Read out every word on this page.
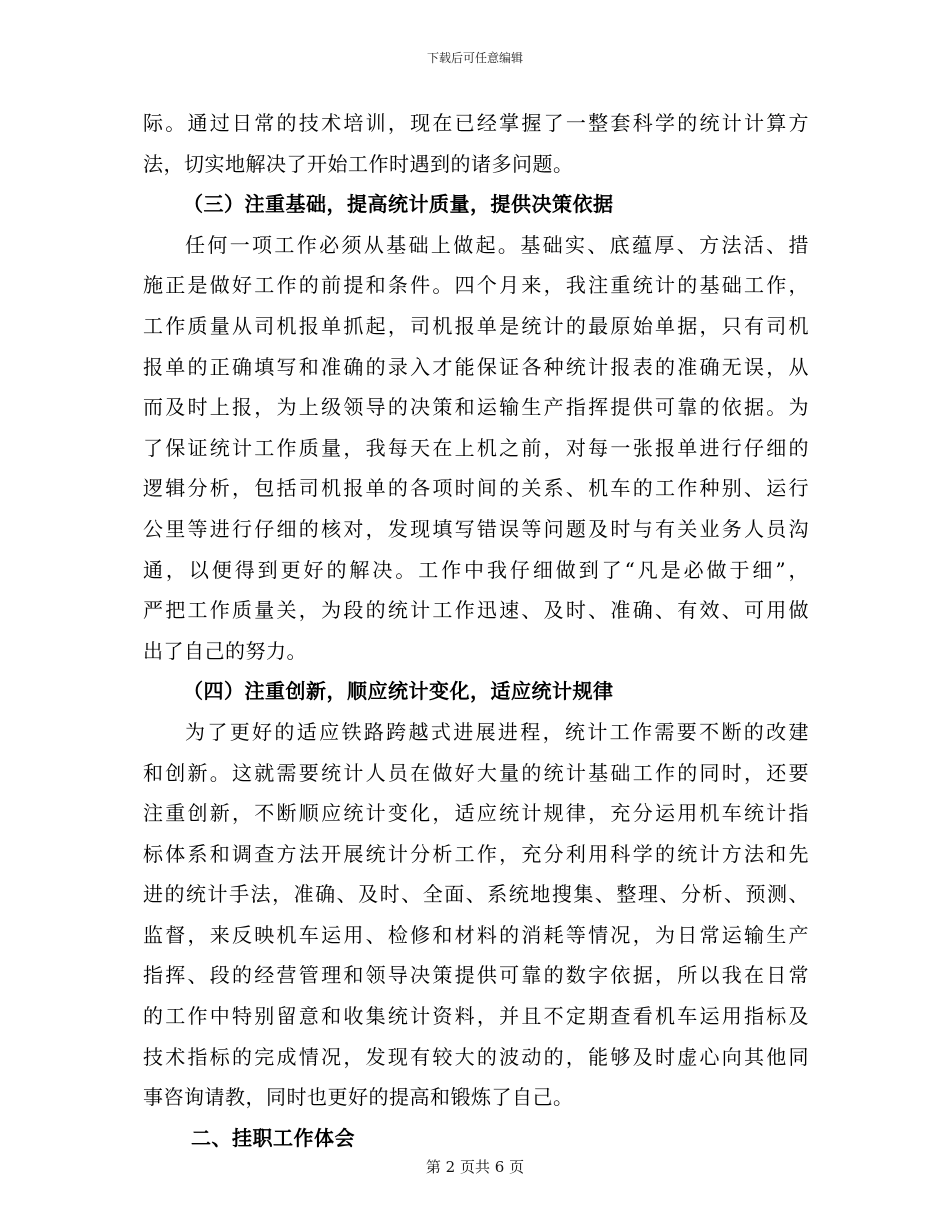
下载后可任意编辑
际。通过日常的技术培训，现在已经掌握了一整套科学的统计计算方
法，切实地解决了开始工作时遇到的诸多问题。
（三）注重基础，提高统计质量，提供决策依据
任何一项工作必须从基础上做起。基础实、底蕴厚、方法活、措
施正是做好工作的前提和条件。四个月来，我注重统计的基础工作，
工作质量从司机报单抓起，司机报单是统计的最原始单据，只有司机
报单的正确填写和准确的录入才能保证各种统计报表的准确无误，从
而及时上报，为上级领导的决策和运输生产指挥提供可靠的依据。为
了保证统计工作质量，我每天在上机之前，对每一张报单进行仔细的
逻辑分析，包括司机报单的各项时间的关系、机车的工作种别、运行
公里等进行仔细的核对，发现填写错误等问题及时与有关业务人员沟
通，以便得到更好的解决。工作中我仔细做到了“凡是必做于细”，
严把工作质量关，为段的统计工作迅速、及时、准确、有效、可用做
出了自己的努力。
（四）注重创新，顺应统计变化，适应统计规律
为了更好的适应铁路跨越式进展进程，统计工作需要不断的改建
和创新。这就需要统计人员在做好大量的统计基础工作的同时，还要
注重创新，不断顺应统计变化，适应统计规律，充分运用机车统计指
标体系和调查方法开展统计分析工作，充分利用科学的统计方法和先
进的统计手法，准确、及时、全面、系统地搜集、整理、分析、预测、
监督，来反映机车运用、检修和材料的消耗等情况，为日常运输生产
指挥、段的经营管理和领导决策提供可靠的数字依据，所以我在日常
的工作中特别留意和收集统计资料，并且不定期查看机车运用指标及
技术指标的完成情况，发现有较大的波动的，能够及时虚心向其他同
事咨询请教，同时也更好的提高和锻炼了自己。
二、挂职工作体会
第 2 页共 6 页
